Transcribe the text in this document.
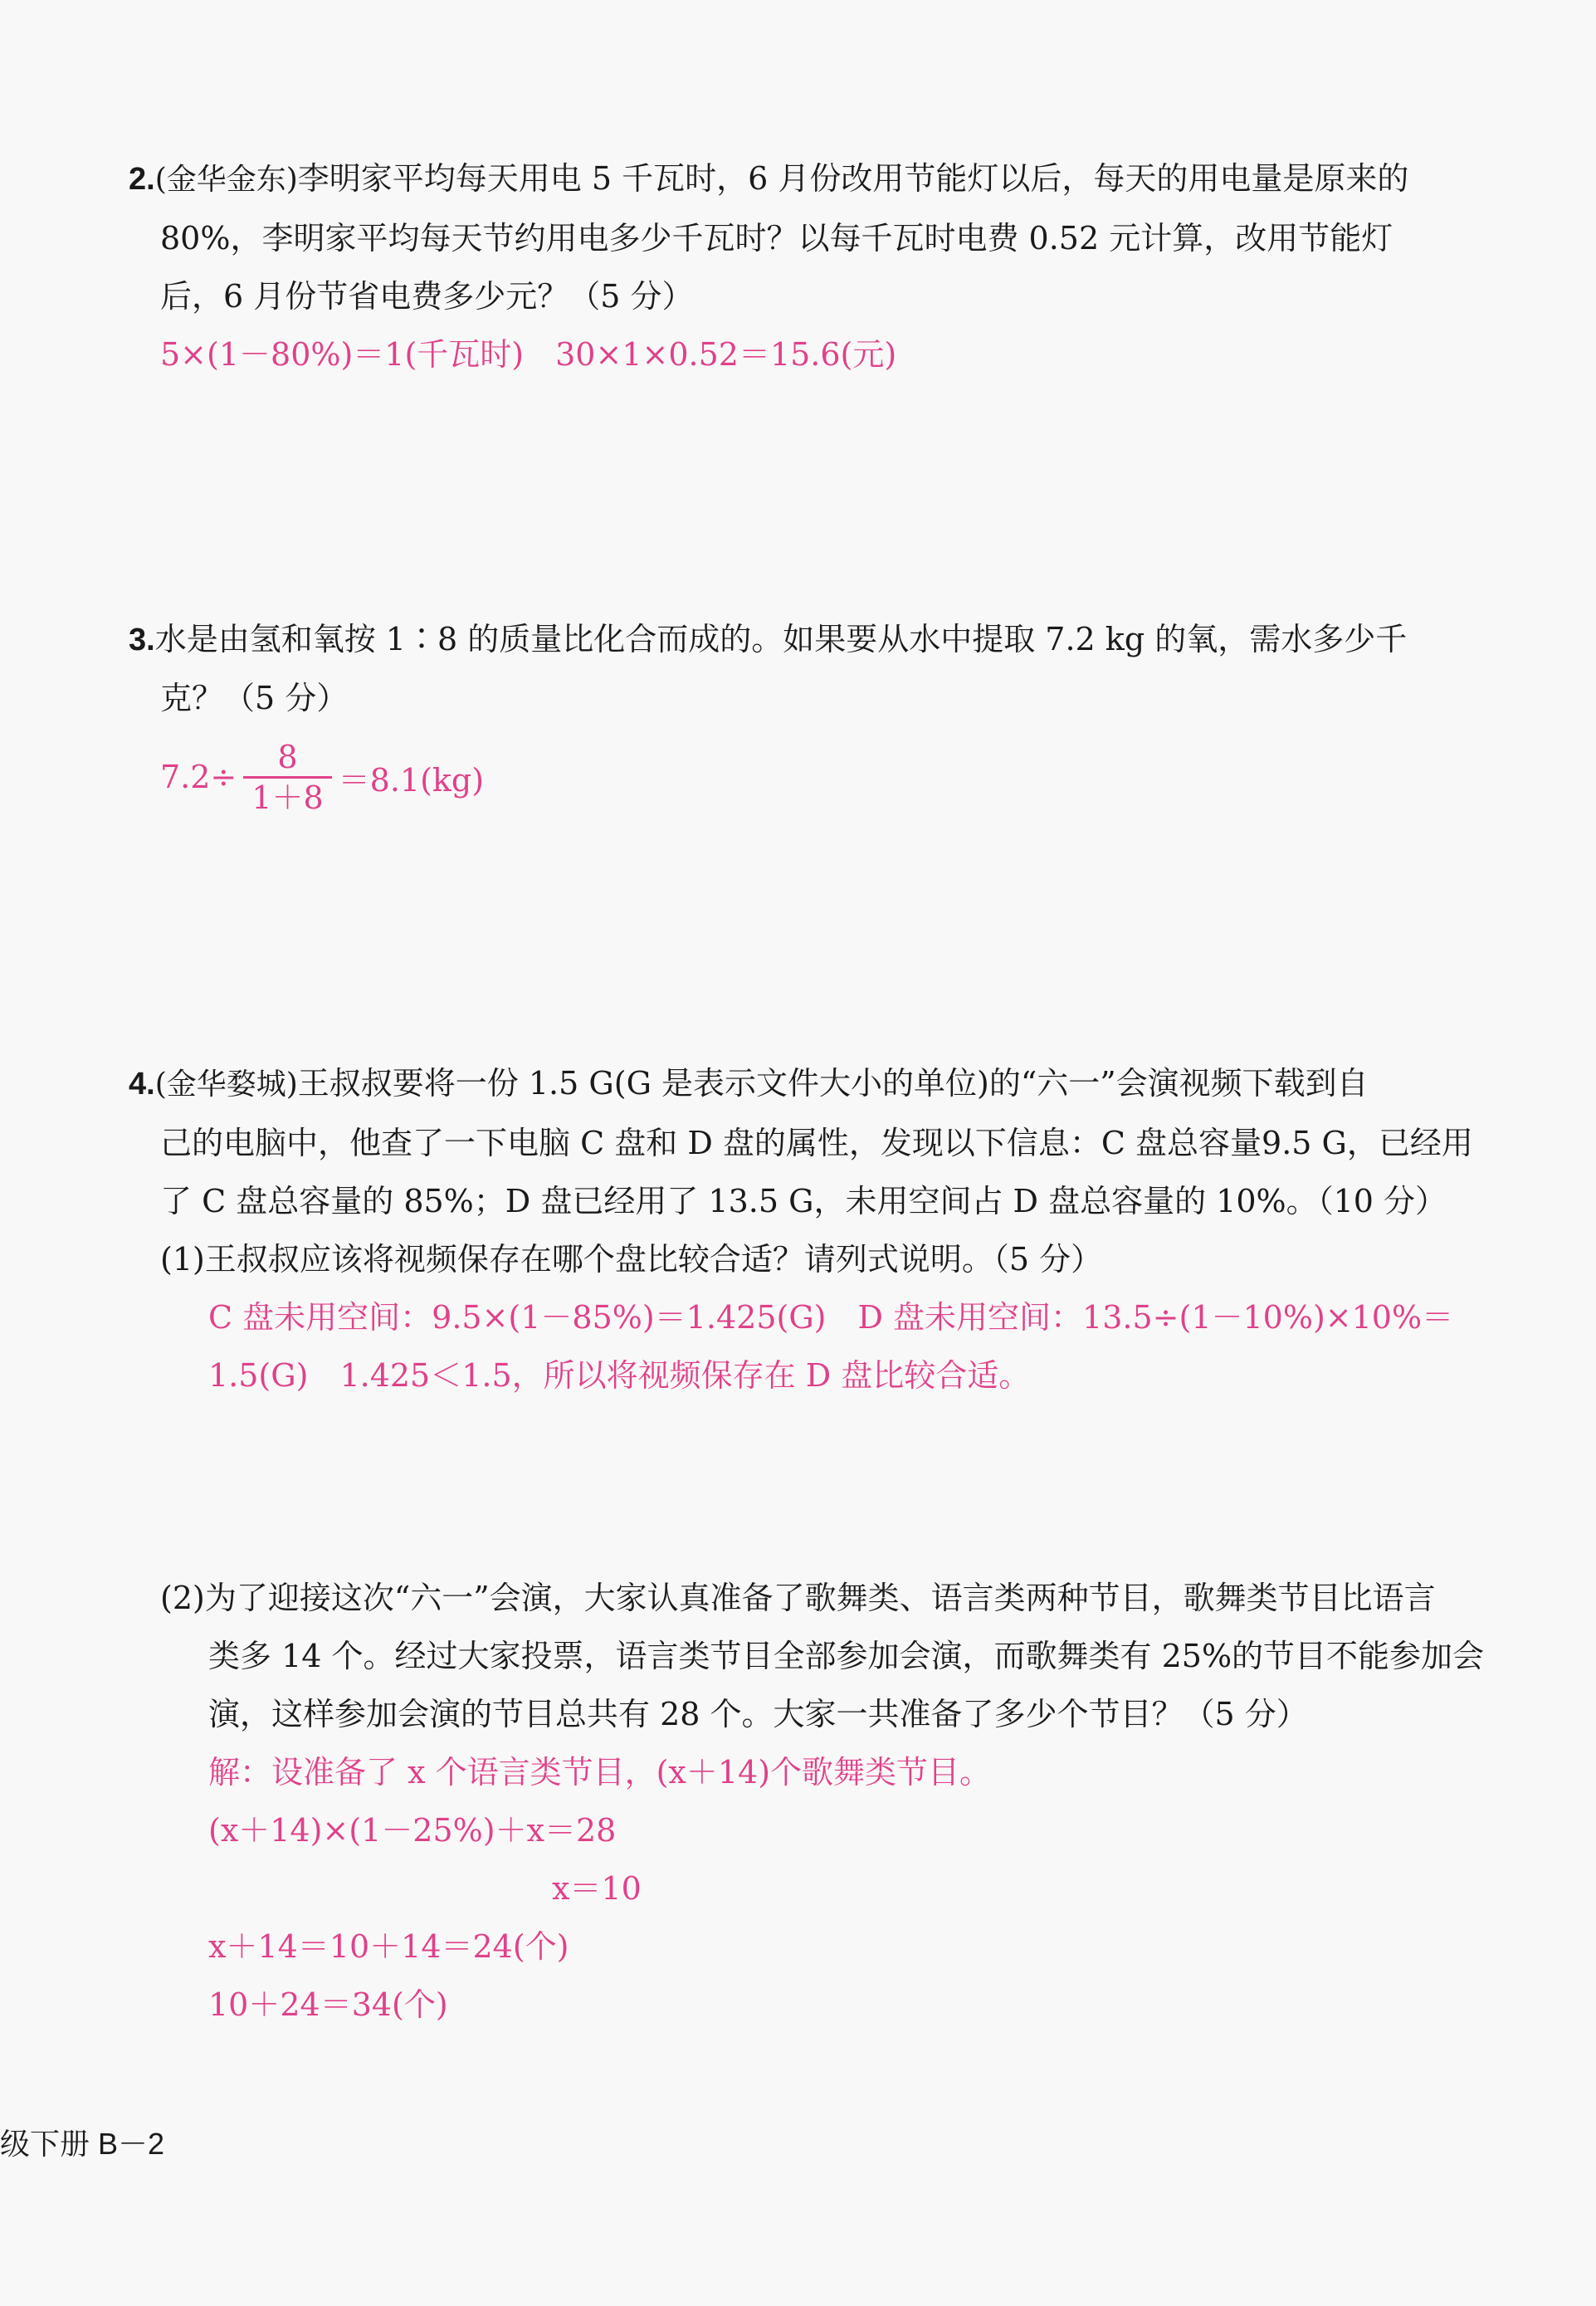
2.(金华金东)李明家平均每天用电 5 千瓦时，6 月份改用节能灯以后，每天的用电量是原来的
80%，李明家平均每天节约用电多少千瓦时？以每千瓦时电费 0.52 元计算，改用节能灯
后，6 月份节省电费多少元？（5 分）
5×(1－80%)＝1(千瓦时)　30×1×0.52＝15.6(元)
3.水是由氢和氧按 1∶8 的质量比化合而成的。如果要从水中提取 7.2 kg 的氧，需水多少千
克？（5 分）
$7.2\div \frac{8}{1+8} =8.1(kg)$
4.(金华婺城)王叔叔要将一份 1.5 G(G 是表示文件大小的单位)的“六一”会演视频下载到自
己的电脑中，他查了一下电脑 C 盘和 D 盘的属性，发现以下信息：C 盘总容量9.5 G，已经用
了 C 盘总容量的 85%；D 盘已经用了 13.5 G，未用空间占 D 盘总容量的 10%。（10 分）
(1)王叔叔应该将视频保存在哪个盘比较合适？请列式说明。（5 分）
C 盘未用空间：9.5×(1－85%)＝1.425(G)　D 盘未用空间：13.5÷(1－10%)×10%＝
1.5(G)　1.425＜1.5，所以将视频保存在 D 盘比较合适。
(2)为了迎接这次“六一”会演，大家认真准备了歌舞类、语言类两种节目，歌舞类节目比语言
类多 14 个。经过大家投票，语言类节目全部参加会演，而歌舞类有 25%的节目不能参加会
演，这样参加会演的节目总共有 28 个。大家一共准备了多少个节目？（5 分）
解：设准备了 x 个语言类节目，(x＋14)个歌舞类节目。
(x＋14)×(1－25%)＋x＝28
x＝10
x＋14＝10＋14＝24(个)
10＋24＝34(个)
级下册 B－2
